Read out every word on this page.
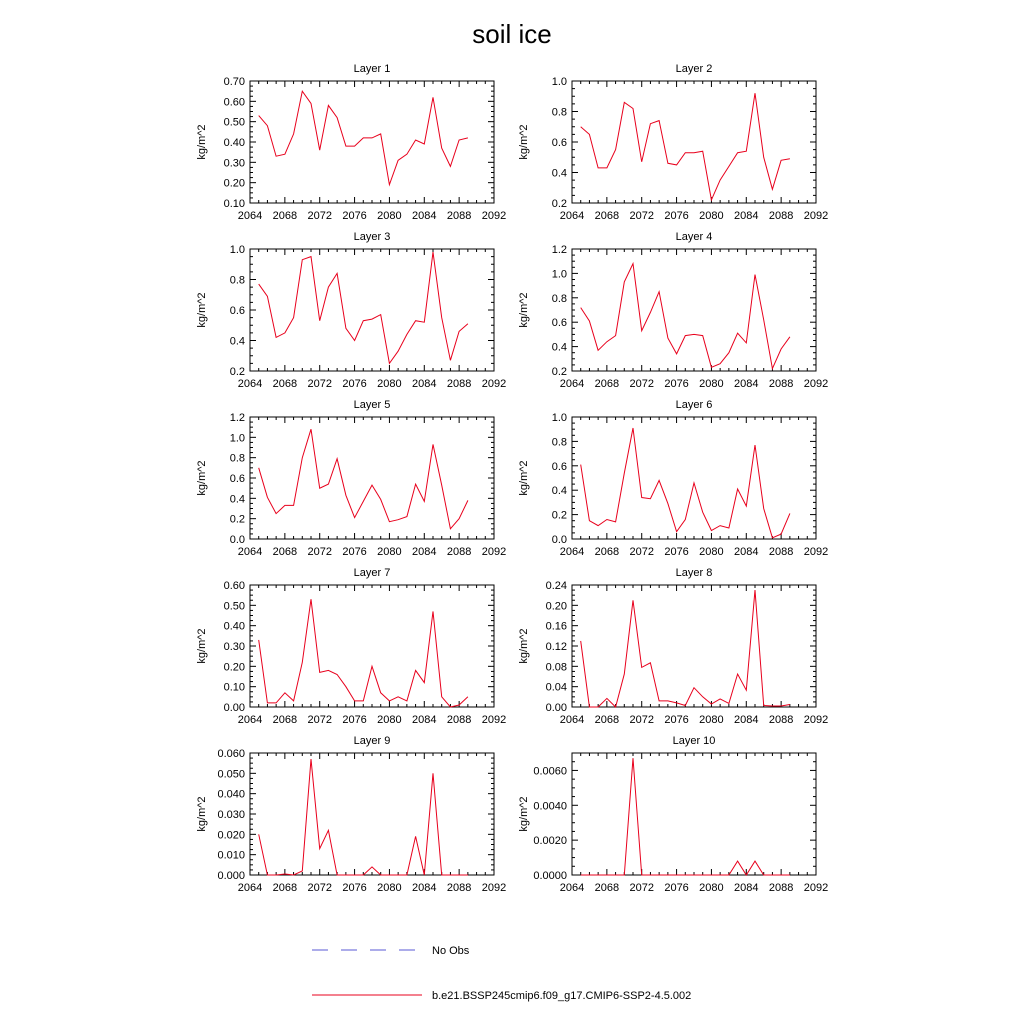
soil ice
Layer 1
2064 2068 2072 2076 2080 2084 2088 2092
0.10
0.20
0.30
0.40
0.50
0.60
0.70
kg/m^2
Layer 2
2064 2068 2072 2076 2080 2084 2088 2092
0.2
0.4
0.6
0.8
1.0
kg/m^2
Layer 3
2064 2068 2072 2076 2080 2084 2088 2092
0.2
0.4
0.6
0.8
1.0
kg/m^2
Layer 4
2064 2068 2072 2076 2080 2084 2088 2092
0.2
0.4
0.6
0.8
1.0
1.2
kg/m^2
Layer 5
2064 2068 2072 2076 2080 2084 2088 2092
0.0
0.2
0.4
0.6
0.8
1.0
1.2
kg/m^2
Layer 6
2064 2068 2072 2076 2080 2084 2088 2092
0.0
0.2
0.4
0.6
0.8
1.0
kg/m^2
Layer 7
2064 2068 2072 2076 2080 2084 2088 2092
0.00
0.10
0.20
0.30
0.40
0.50
0.60
kg/m^2
Layer 8
2064 2068 2072 2076 2080 2084 2088 2092
0.00
0.04
0.08
0.12
0.16
0.20
0.24
kg/m^2
Layer 9
2064 2068 2072 2076 2080 2084 2088 2092
0.000
0.010
0.020
0.030
0.040
0.050
0.060
kg/m^2
Layer 10
2064 2068 2072 2076 2080 2084 2088 2092
0.0000
0.0020
0.0040
0.0060
kg/m^2
No Obs
b.e21.BSSP245cmip6.f09_g17.CMIP6-SSP2-4.5.002
